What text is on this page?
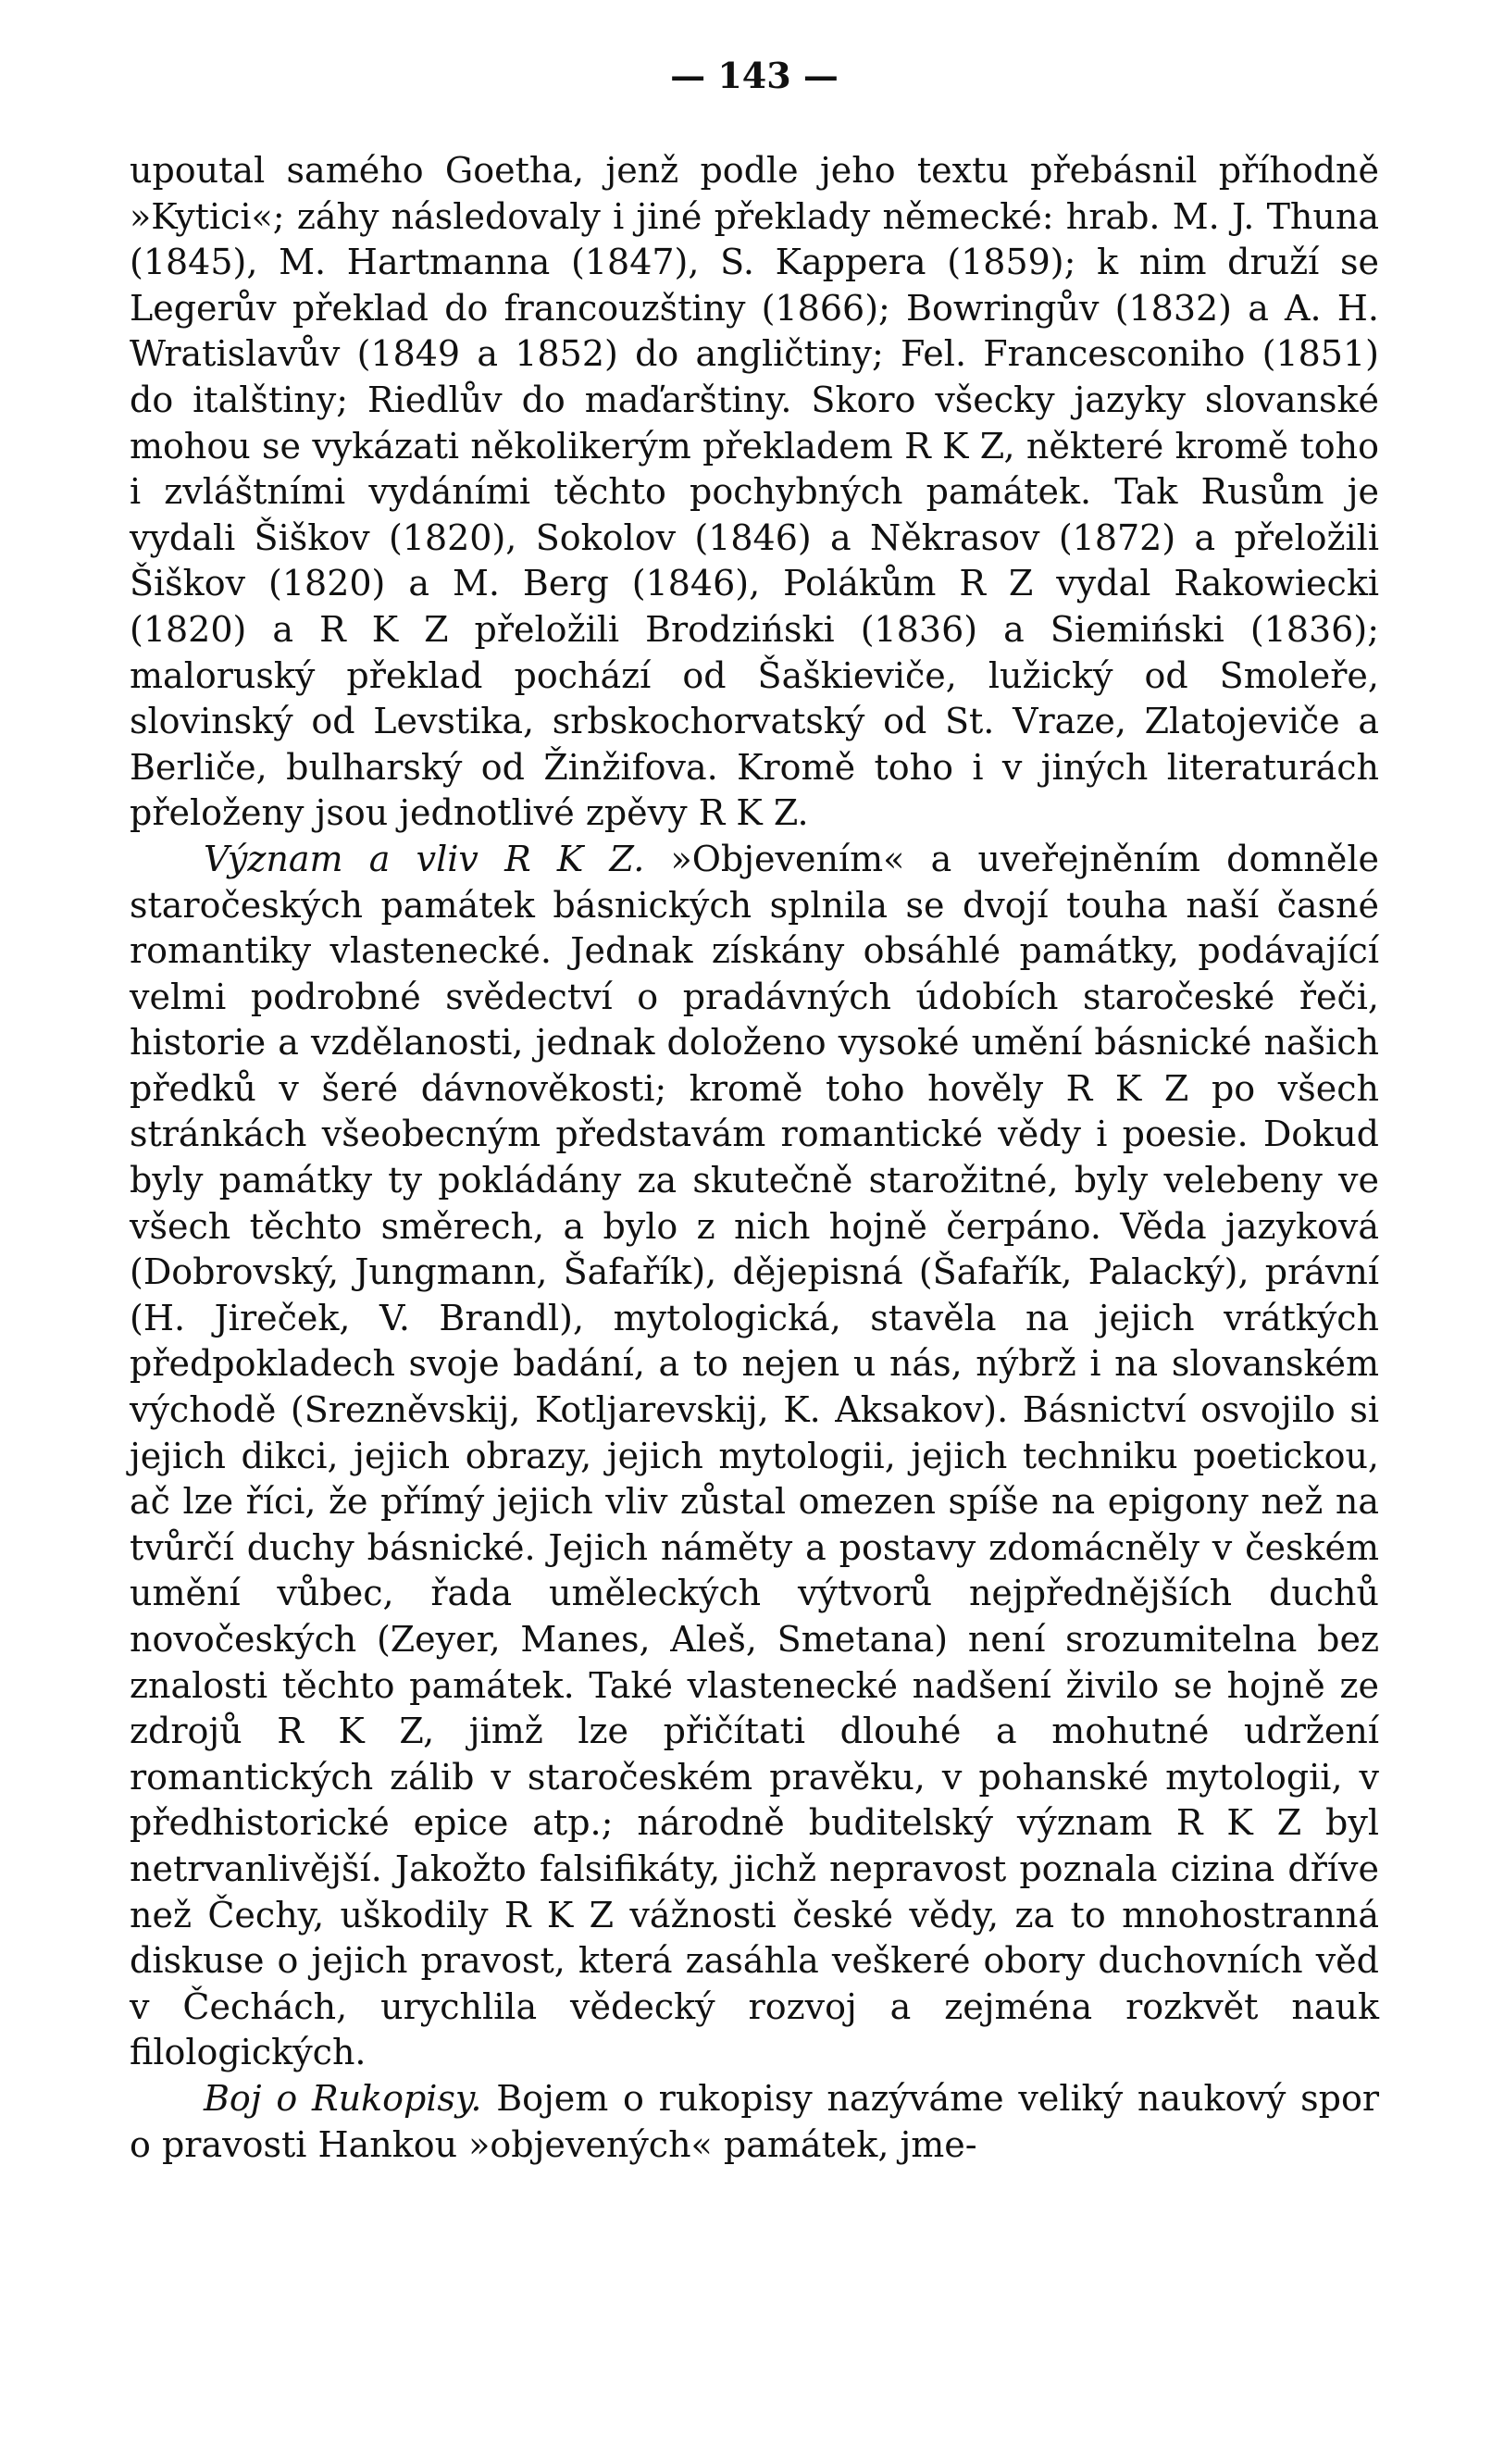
— 143 —

upoutal samého Goetha, jenž podle jeho textu přebásnil příhodně »Kytici«; záhy následovaly i jiné překlady německé: hrab. M. J. Thuna (1845), M. Hartmanna (1847), S. Kappera (1859); k nim druží se Legerův překlad do francouzštiny (1866); Bowringův (1832) a A. H. Wratislavův (1849 a 1852) do angličtiny; Fel. Francesconiho (1851) do italštiny; Riedlův do maďarštiny. Skoro všecky jazyky slovanské mohou se vykázati několikerým překladem R K Z, některé kromě toho i zvláštními vydáními těchto pochybných památek. Tak Rusům je vydali Šiškov (1820), Sokolov (1846) a Někrasov (1872) a přeložili Šiškov (1820) a M. Berg (1846), Polákům R Z vydal Rakowiecki (1820) a R K Z přeložili Brodziński (1836) a Siemiński (1836); maloruský překlad pochází od Šaškieviče, lužický od Smoleře, slovinský od Levstika, srbskochorvatský od St. Vraze, Zlatojeviče a Berliče, bulharský od Žinžifova. Kromě toho i v jiných literaturách přeloženy jsou jednotlivé zpěvy R K Z.

Význam a vliv R K Z. »Objevením« a uveřejněním domněle staročeských památek básnických splnila se dvojí touha naší časné romantiky vlastenecké. Jednak získány obsáhlé památky, podávající velmi podrobné svědectví o pradávných údobích staročeské řeči, historie a vzdělanosti, jednak doloženo vysoké umění básnické našich předků v šeré dávnověkosti; kromě toho hověly R K Z po všech stránkách všeobecným představám romantické vědy i poesie. Dokud byly památky ty pokládány za skutečně starožitné, byly velebeny ve všech těchto směrech, a bylo z nich hojně čerpáno. Věda jazyková (Dobrovský, Jungmann, Šafařík), dějepisná (Šafařík, Palacký), právní (H. Jireček, V. Brandl), mytologická, stavěla na jejich vrátkých předpokladech svoje badání, a to nejen u nás, nýbrž i na slovanském východě (Srezněvskij, Kotljarevskij, K. Aksakov). Básnictví osvojilo si jejich dikci, jejich obrazy, jejich mytologii, jejich techniku poetickou, ač lze říci, že přímý jejich vliv zůstal omezen spíše na epigony než na tvůrčí duchy básnické. Jejich náměty a postavy zdomácněly v českém umění vůbec, řada uměleckých výtvorů nejpřednějších duchů novočeských (Zeyer, Manes, Aleš, Smetana) není srozumitelna bez znalosti těchto památek. Také vlastenecké nadšení živilo se hojně ze zdrojů R K Z, jimž lze přičítati dlouhé a mohutné udržení romantických zálib v staročeském pravěku, v pohanské mytologii, v předhistorické epice atp.; národně buditelský význam R K Z byl netrvanlivější. Jakožto falsifikáty, jichž nepravost poznala cizina dříve než Čechy, uškodily R K Z vážnosti české vědy, za to mnohostranná diskuse o jejich pravost, která zasáhla veškeré obory duchovních věd v Čechách, urychlila vědecký rozvoj a zejména rozkvět nauk filologických.

Boj o Rukopisy. Bojem o rukopisy nazýváme veliký naukový spor o pravosti Hankou »objevených« památek, jme-
